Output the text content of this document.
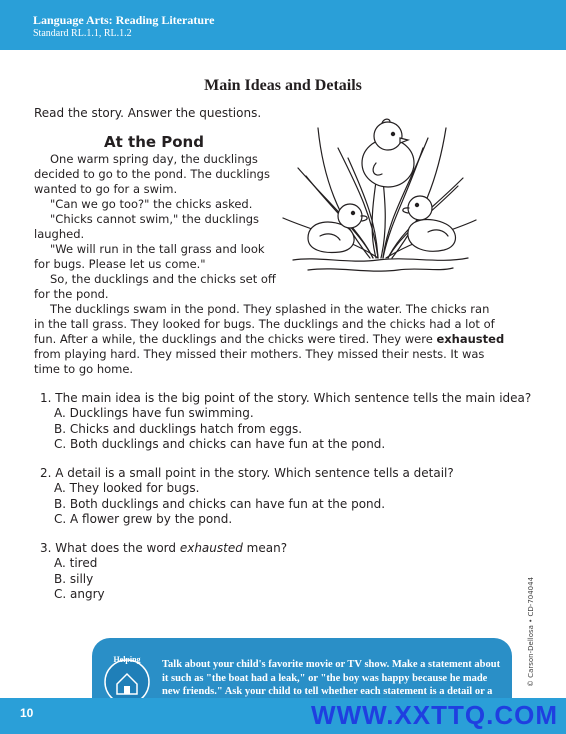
Language Arts: Reading Literature
Standard RL.1.1, RL.1.2
Main Ideas and Details
Read the story. Answer the questions.
At the Pond
One warm spring day, the ducklings
decided to go to the pond. The ducklings
wanted to go for a swim.
"Can we go too?" the chicks asked.
"Chicks cannot swim," the ducklings
laughed.
"We will run in the tall grass and look
for bugs. Please let us come."
So, the ducklings and the chicks set off
for the pond.
The ducklings swam in the pond. They splashed in the water. The chicks ran
in the tall grass. They looked for bugs. The ducklings and the chicks had a lot of
fun. After a while, the ducklings and the chicks were tired. They were exhausted
from playing hard. They missed their mothers. They missed their nests. It was
time to go home.
1. The main idea is the big point of the story. Which sentence tells the main idea?
A. Ducklings have fun swimming.
B. Chicks and ducklings hatch from eggs.
C. Both ducklings and chicks can have fun at the pond.
2. A detail is a small point in the story. Which sentence tells a detail?
A. They looked for bugs.
B. Both ducklings and chicks can have fun at the pond.
C. A flower grew by the pond.
3. What does the word exhausted mean?
A. tired
B. silly
C. angry	© Carson-Dellosa • CD-704044
Helping Talk about your child's favorite movie or TV show. Make a statement about it such as "the boat had a leak," or "the boy was happy because he made new friends." Ask your child to tell whether each statement is a detail or a
10	WWW.XXTTQ.COM
